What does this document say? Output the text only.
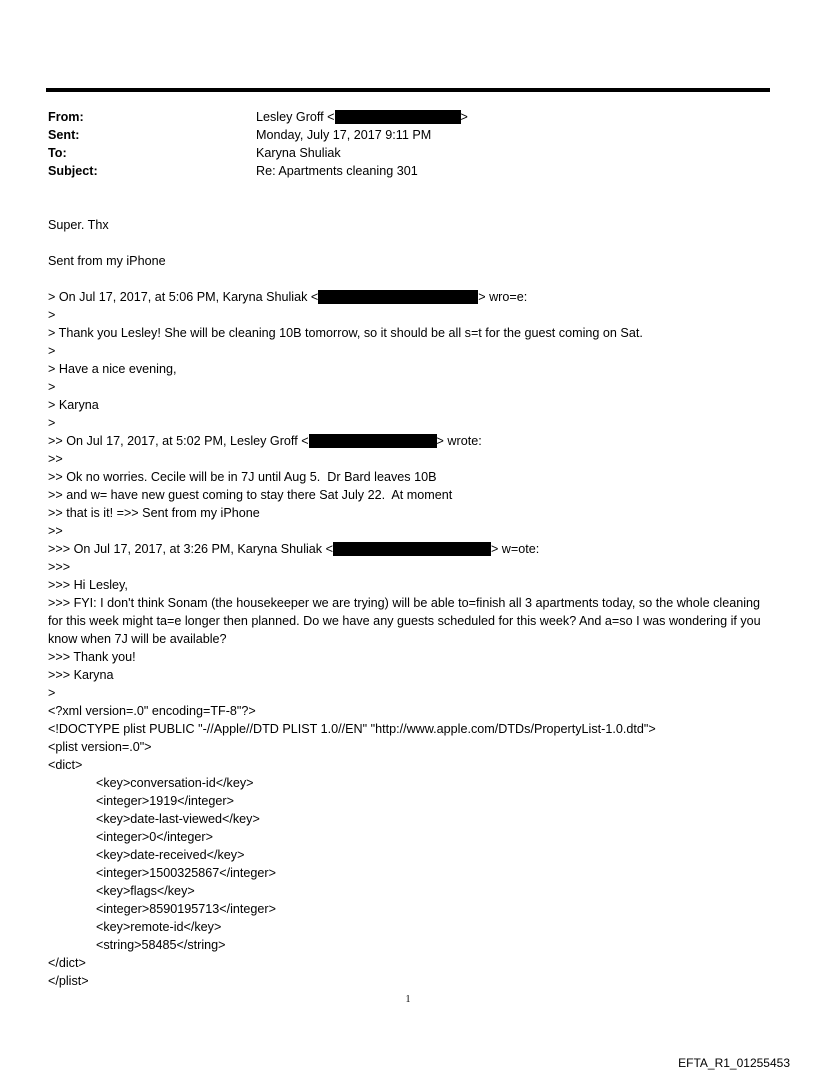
From:	Lesley Groff <	>
Sent:	Monday, July 17, 2017 9:11 PM
To:	Karyna Shuliak
Subject:	Re: Apartments cleaning 301
Super. Thx
Sent from my iPhone
> On Jul 17, 2017, at 5:06 PM, Karyna Shuliak <	> wro=e:
>
> Thank you Lesley! She will be cleaning 10B tomorrow, so it should be all s=t for the guest coming on Sat.
>
> Have a nice evening,
>
> Karyna
>
>> On Jul 17, 2017, at 5:02 PM, Lesley Groff <	> wrote:
>>
>> Ok no worries. Cecile will be in 7J until Aug 5.  Dr Bard leaves 10B
>> and w= have new guest coming to stay there Sat July 22.  At moment
>> that is it! =>> Sent from my iPhone
>>
>>> On Jul 17, 2017, at 3:26 PM, Karyna Shuliak <	> w=ote:
>>>
>>> Hi Lesley,
>>> FYI: I don't think Sonam (the housekeeper we are trying) will be able to=finish all 3 apartments today, so the whole cleaning for this week might ta=e longer then planned. Do we have any guests scheduled for this week? And a=so I was wondering if you know when 7J will be available?
>>> Thank you!
>>> Karyna
>
<?xml version=.0" encoding=TF-8"?>
<!DOCTYPE plist PUBLIC "-//Apple//DTD PLIST 1.0//EN" "http://www.apple.com/DTDs/PropertyList-1.0.dtd">
<plist version=.0">
<dict>
<key>conversation-id</key>
<integer>1919</integer>
<key>date-last-viewed</key>
<integer>0</integer>
<key>date-received</key>
<integer>1500325867</integer>
<key>flags</key>
<integer>8590195713</integer>
<key>remote-id</key>
<string>58485</string>
</dict>
</plist>
1
EFTA_R1_01255453
